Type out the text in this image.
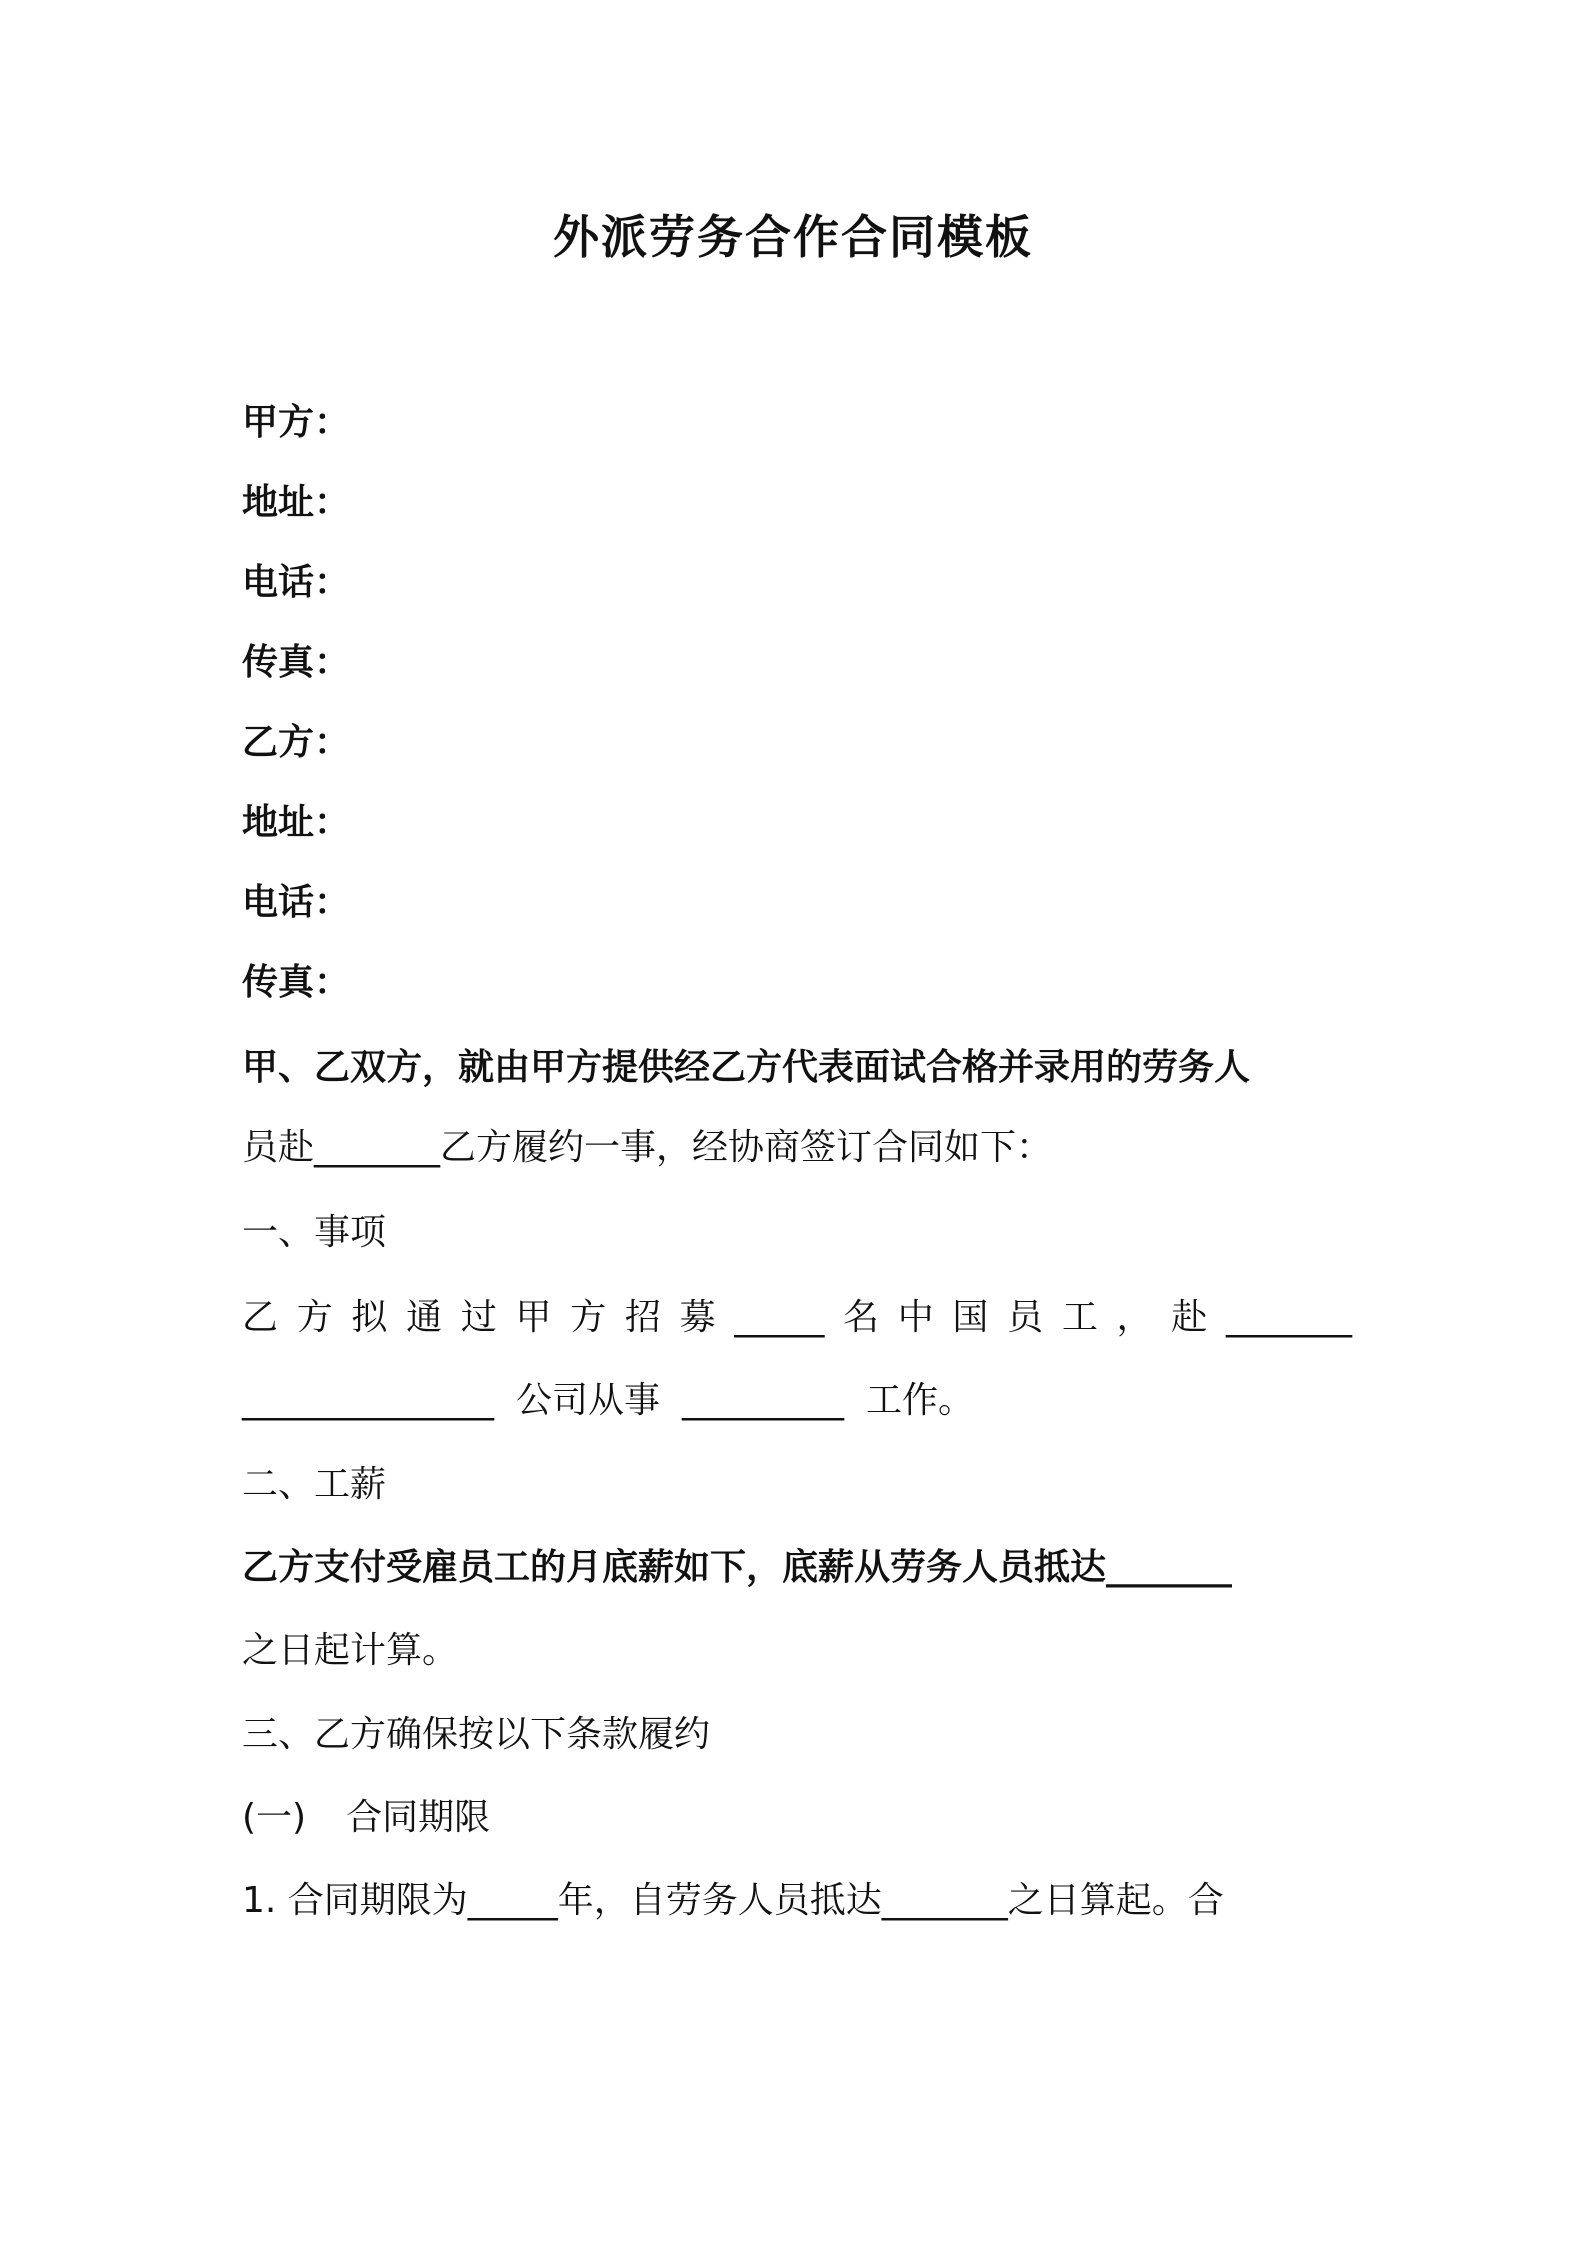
外派劳务合作合同模板
甲方：
地址：
电话：
传真：
乙方：
地址：
电话：
传真：
甲、乙双方，就由甲方提供经乙方代表面试合格并录用的劳务人
员赴_______乙方履约一事，经协商签订合同如下：
一、事项
乙 方 拟 通 过 甲 方 招 募 _____ 名 中 国 员 工 ， 赴 _______
______________ 公司从事 _________ 工作。
二、工薪
乙方支付受雇员工的月底薪如下，底薪从劳务人员抵达_______
之日起计算。
三、乙方确保按以下条款履约
(一) 合同期限
1. 合同期限为_____年，自劳务人员抵达_______之日算起。合
